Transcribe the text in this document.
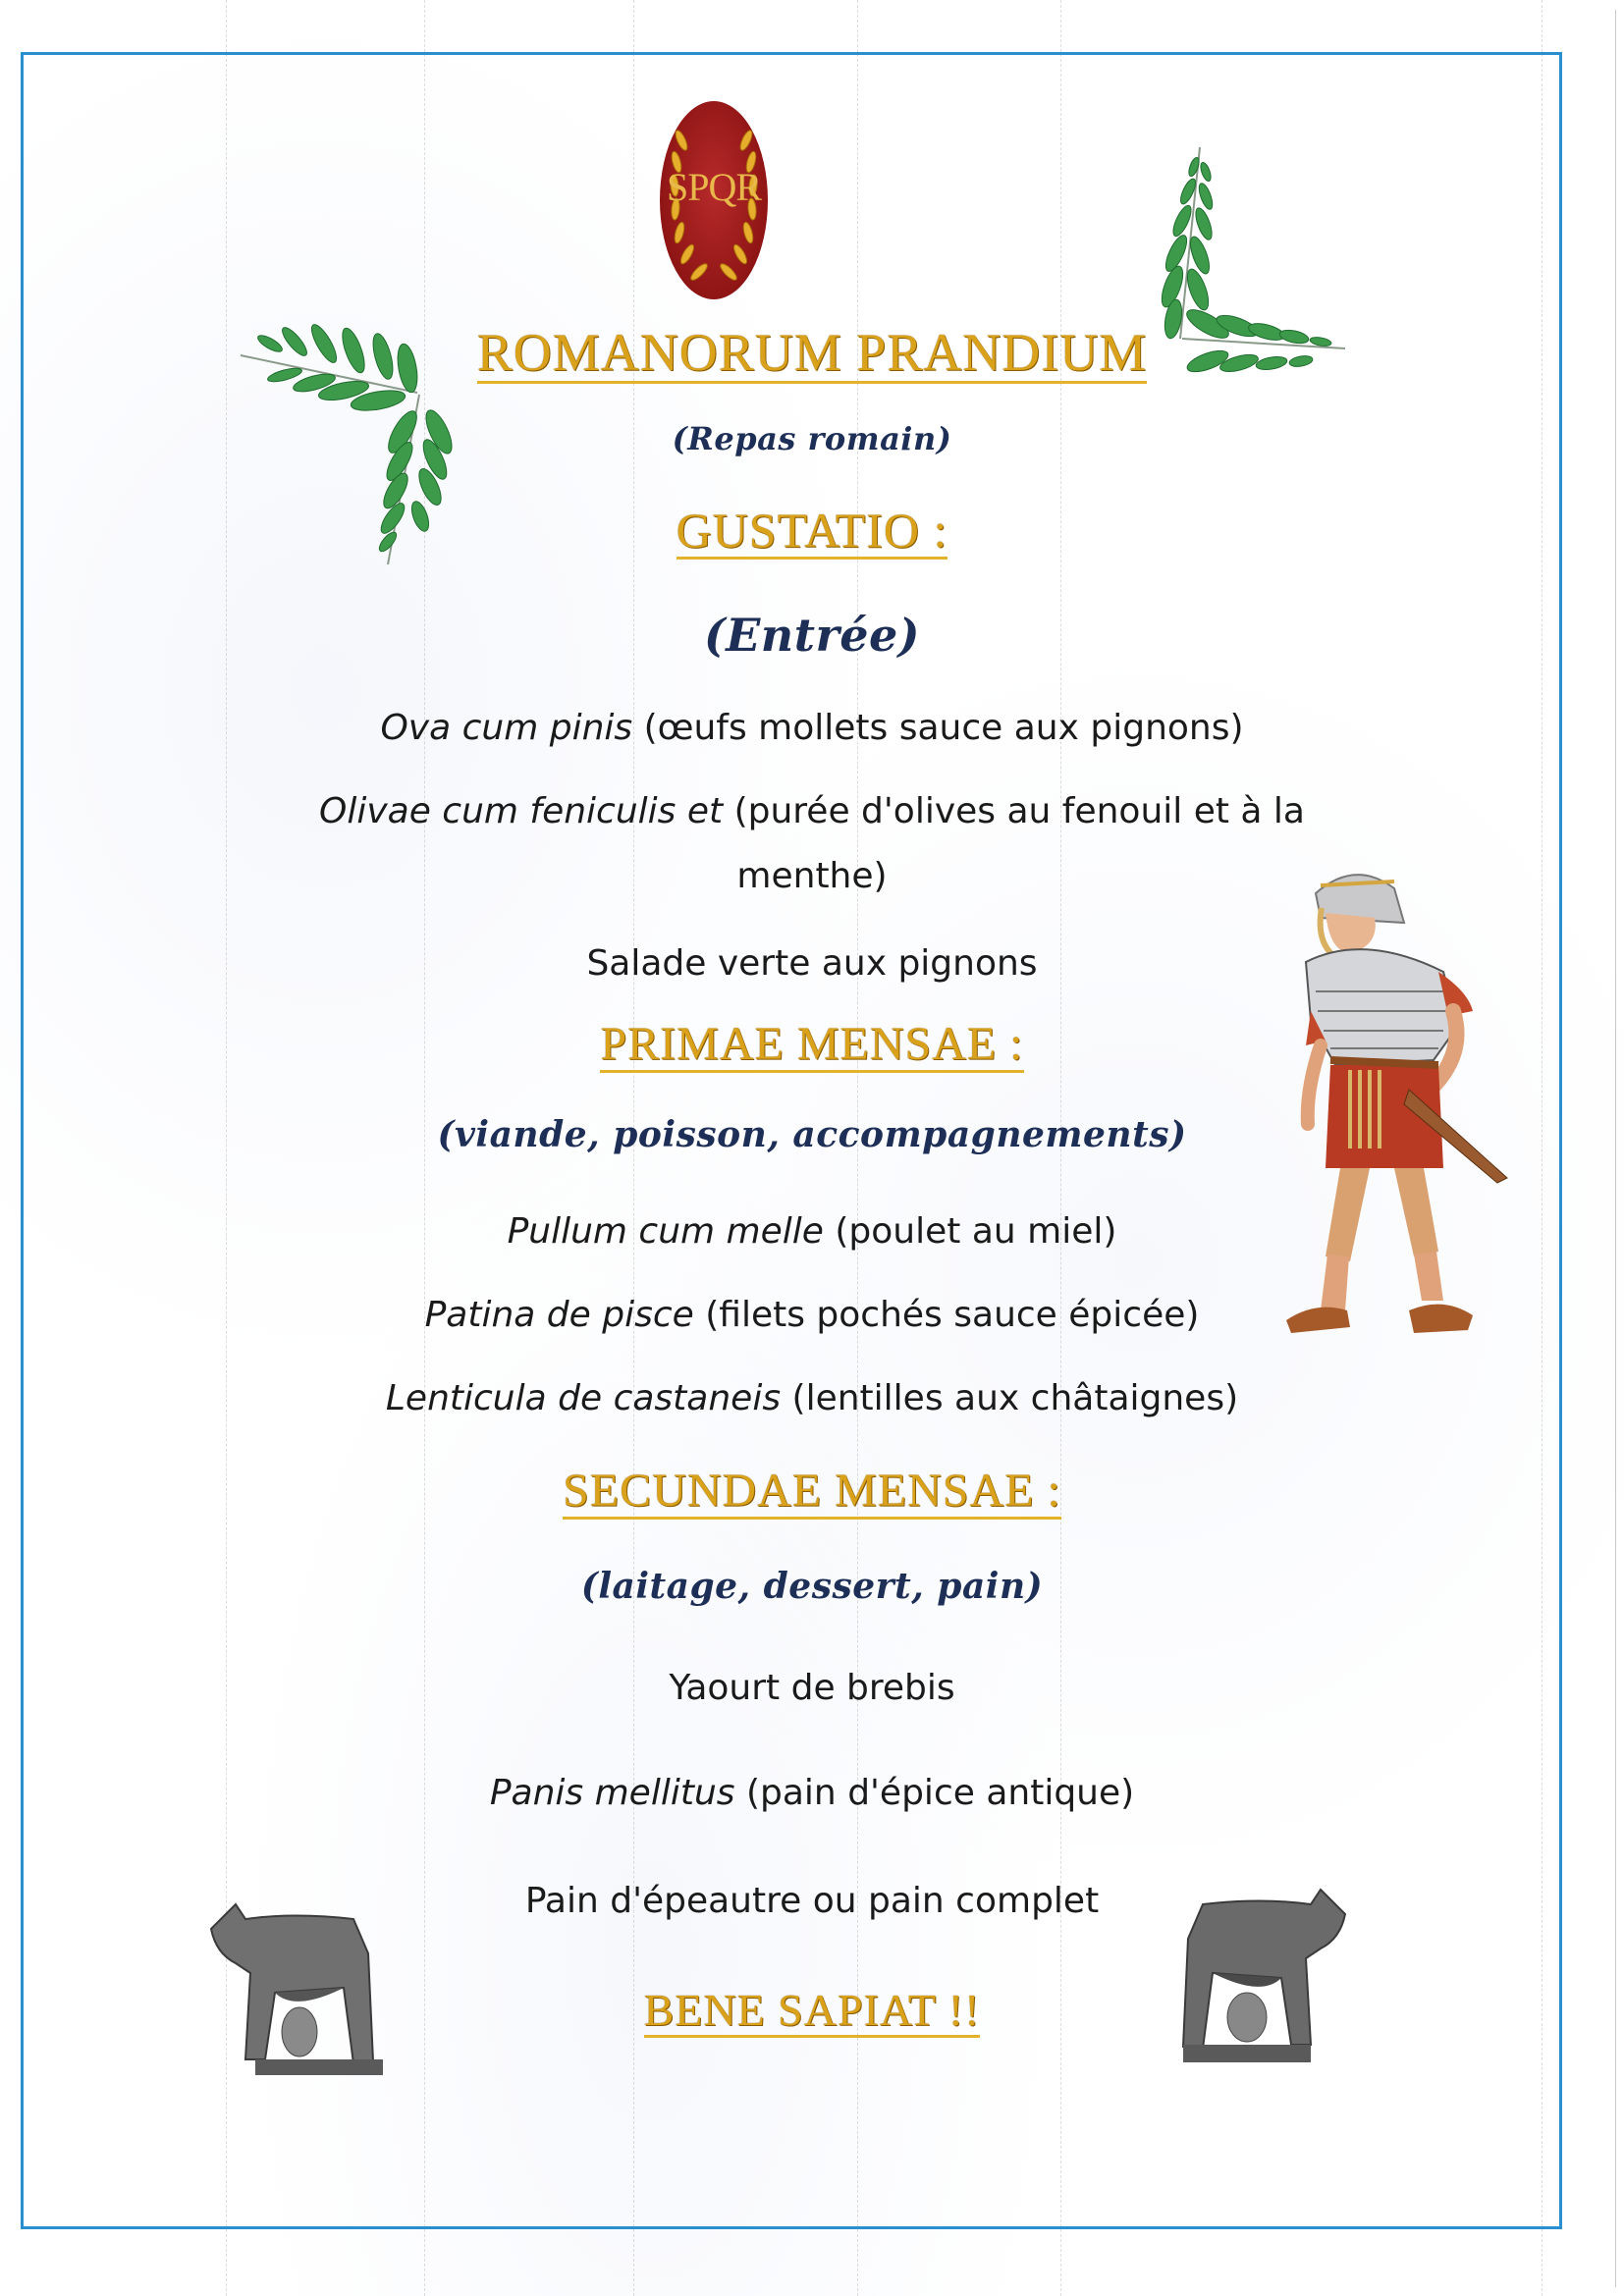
SPQR
ROMANORUM PRANDIUM
(Repas romain)
GUSTATIO :
(Entrée)
Ova cum pinis (œufs mollets sauce aux pignons)
Olivae cum feniculis et (purée d'olives au fenouil et à la
menthe)
Salade verte aux pignons
PRIMAE MENSAE :
(viande, poisson, accompagnements)
Pullum cum melle (poulet au miel)
Patina de pisce (filets pochés sauce épicée)
Lenticula de castaneis (lentilles aux châtaignes)
SECUNDAE MENSAE :
(laitage, dessert, pain)
Yaourt de brebis
Panis mellitus (pain d'épice antique)
Pain d'épeautre ou pain complet
BENE SAPIAT !!
